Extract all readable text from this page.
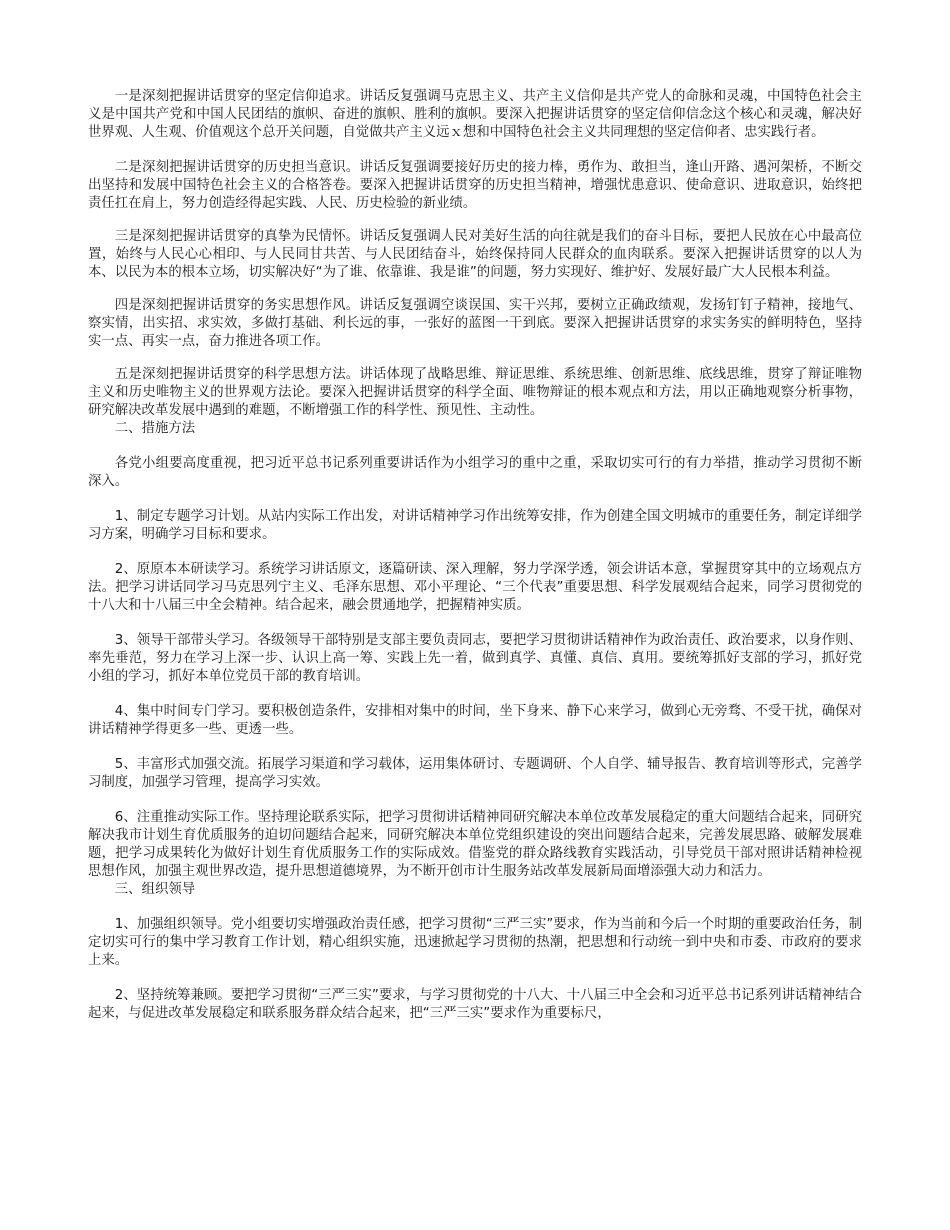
一是深刻把握讲话贯穿的坚定信仰追求。讲话反复强调马克思主义、共产主义信仰是共产党人的命脉和灵魂，中国特色社会主义是中国共产党和中国人民团结的旗帜、奋进的旗帜、胜利的旗帜。要深入把握讲话贯穿的坚定信仰信念这个核心和灵魂，解决好世界观、人生观、价值观这个总开关问题，自觉做共产主义远ｘ想和中国特色社会主义共同理想的坚定信仰者、忠实践行者。

二是深刻把握讲话贯穿的历史担当意识。讲话反复强调要接好历史的接力棒，勇作为、敢担当，逢山开路、遇河架桥，不断交出坚持和发展中国特色社会主义的合格答卷。要深入把握讲话贯穿的历史担当精神，增强忧患意识、使命意识、进取意识，始终把责任扛在肩上，努力创造经得起实践、人民、历史检验的新业绩。

三是深刻把握讲话贯穿的真挚为民情怀。讲话反复强调人民对美好生活的向往就是我们的奋斗目标，要把人民放在心中最高位置，始终与人民心心相印、与人民同甘共苦、与人民团结奋斗，始终保持同人民群众的血肉联系。要深入把握讲话贯穿的以人为本、以民为本的根本立场，切实解决好“为了谁、依靠谁、我是谁”的问题，努力实现好、维护好、发展好最广大人民根本利益。

四是深刻把握讲话贯穿的务实思想作风。讲话反复强调空谈误国、实干兴邦，要树立正确政绩观，发扬钉钉子精神，接地气、察实情，出实招、求实效，多做打基础、利长远的事，一张好的蓝图一干到底。要深入把握讲话贯穿的求实务实的鲜明特色，坚持实一点、再实一点，奋力推进各项工作。

五是深刻把握讲话贯穿的科学思想方法。讲话体现了战略思维、辩证思维、系统思维、创新思维、底线思维，贯穿了辩证唯物主义和历史唯物主义的世界观方法论。要深入把握讲话贯穿的科学全面、唯物辩证的根本观点和方法，用以正确地观察分析事物，研究解决改革发展中遇到的难题，不断增强工作的科学性、预见性、主动性。

二、措施方法

各党小组要高度重视，把习近平总书记系列重要讲话作为小组学习的重中之重，采取切实可行的有力举措，推动学习贯彻不断深入。

1、制定专题学习计划。从站内实际工作出发，对讲话精神学习作出统筹安排，作为创建全国文明城市的重要任务，制定详细学习方案，明确学习目标和要求。

2、原原本本研读学习。系统学习讲话原文，逐篇研读、深入理解，努力学深学透，领会讲话本意，掌握贯穿其中的立场观点方法。把学习讲话同学习马克思列宁主义、毛泽东思想、邓小平理论、“三个代表”重要思想、科学发展观结合起来，同学习贯彻党的十八大和十八届三中全会精神。结合起来，融会贯通地学，把握精神实质。

3、领导干部带头学习。各级领导干部特别是支部主要负责同志，要把学习贯彻讲话精神作为政治责任、政治要求，以身作则、率先垂范，努力在学习上深一步、认识上高一筹、实践上先一着，做到真学、真懂、真信、真用。要统筹抓好支部的学习，抓好党小组的学习，抓好本单位党员干部的教育培训。

4、集中时间专门学习。要积极创造条件，安排相对集中的时间，坐下身来、静下心来学习，做到心无旁骛、不受干扰，确保对讲话精神学得更多一些、更透一些。

5、丰富形式加强交流。拓展学习渠道和学习载体，运用集体研讨、专题调研、个人自学、辅导报告、教育培训等形式，完善学习制度，加强学习管理，提高学习实效。

6、注重推动实际工作。坚持理论联系实际，把学习贯彻讲话精神同研究解决本单位改革发展稳定的重大问题结合起来，同研究解决我市计划生育优质服务的迫切问题结合起来，同研究解决本单位党组织建设的突出问题结合起来，完善发展思路、破解发展难题，把学习成果转化为做好计划生育优质服务工作的实际成效。借鉴党的群众路线教育实践活动，引导党员干部对照讲话精神检视思想作风，加强主观世界改造，提升思想道德境界，为不断开创市计生服务站改革发展新局面增添强大动力和活力。

三、组织领导

1、加强组织领导。党小组要切实增强政治责任感，把学习贯彻“三严三实”要求，作为当前和今后一个时期的重要政治任务，制定切实可行的集中学习教育工作计划，精心组织实施，迅速掀起学习贯彻的热潮，把思想和行动统一到中央和市委、市政府的要求上来。

2、坚持统筹兼顾。要把学习贯彻“三严三实”要求，与学习贯彻党的十八大、十八届三中全会和习近平总书记系列讲话精神结合起来，与促进改革发展稳定和联系服务群众结合起来，把“三严三实”要求作为重要标尺，
